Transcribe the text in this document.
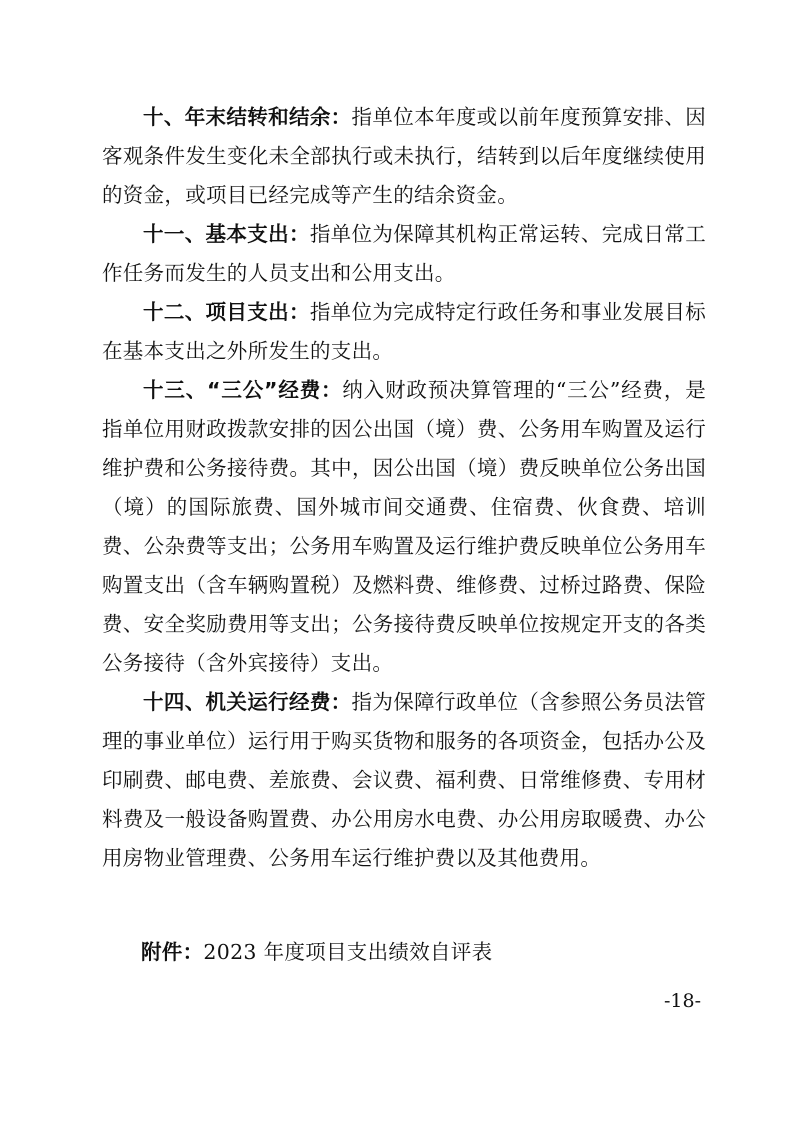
十、年末结转和结余：指单位本年度或以前年度预算安排、因客观条件发生变化未全部执行或未执行，结转到以后年度继续使用的资金，或项目已经完成等产生的结余资金。

十一、基本支出：指单位为保障其机构正常运转、完成日常工作任务而发生的人员支出和公用支出。

十二、项目支出：指单位为完成特定行政任务和事业发展目标在基本支出之外所发生的支出。

十三、“三公”经费：纳入财政预决算管理的“三公”经费，是指单位用财政拨款安排的因公出国（境）费、公务用车购置及运行维护费和公务接待费。其中，因公出国（境）费反映单位公务出国（境）的国际旅费、国外城市间交通费、住宿费、伙食费、培训费、公杂费等支出；公务用车购置及运行维护费反映单位公务用车购置支出（含车辆购置税）及燃料费、维修费、过桥过路费、保险费、安全奖励费用等支出；公务接待费反映单位按规定开支的各类公务接待（含外宾接待）支出。

十四、机关运行经费：指为保障行政单位（含参照公务员法管理的事业单位）运行用于购买货物和服务的各项资金，包括办公及印刷费、邮电费、差旅费、会议费、福利费、日常维修费、专用材料费及一般设备购置费、办公用房水电费、办公用房取暖费、办公用房物业管理费、公务用车运行维护费以及其他费用。

附件：2023 年度项目支出绩效自评表
-18-
